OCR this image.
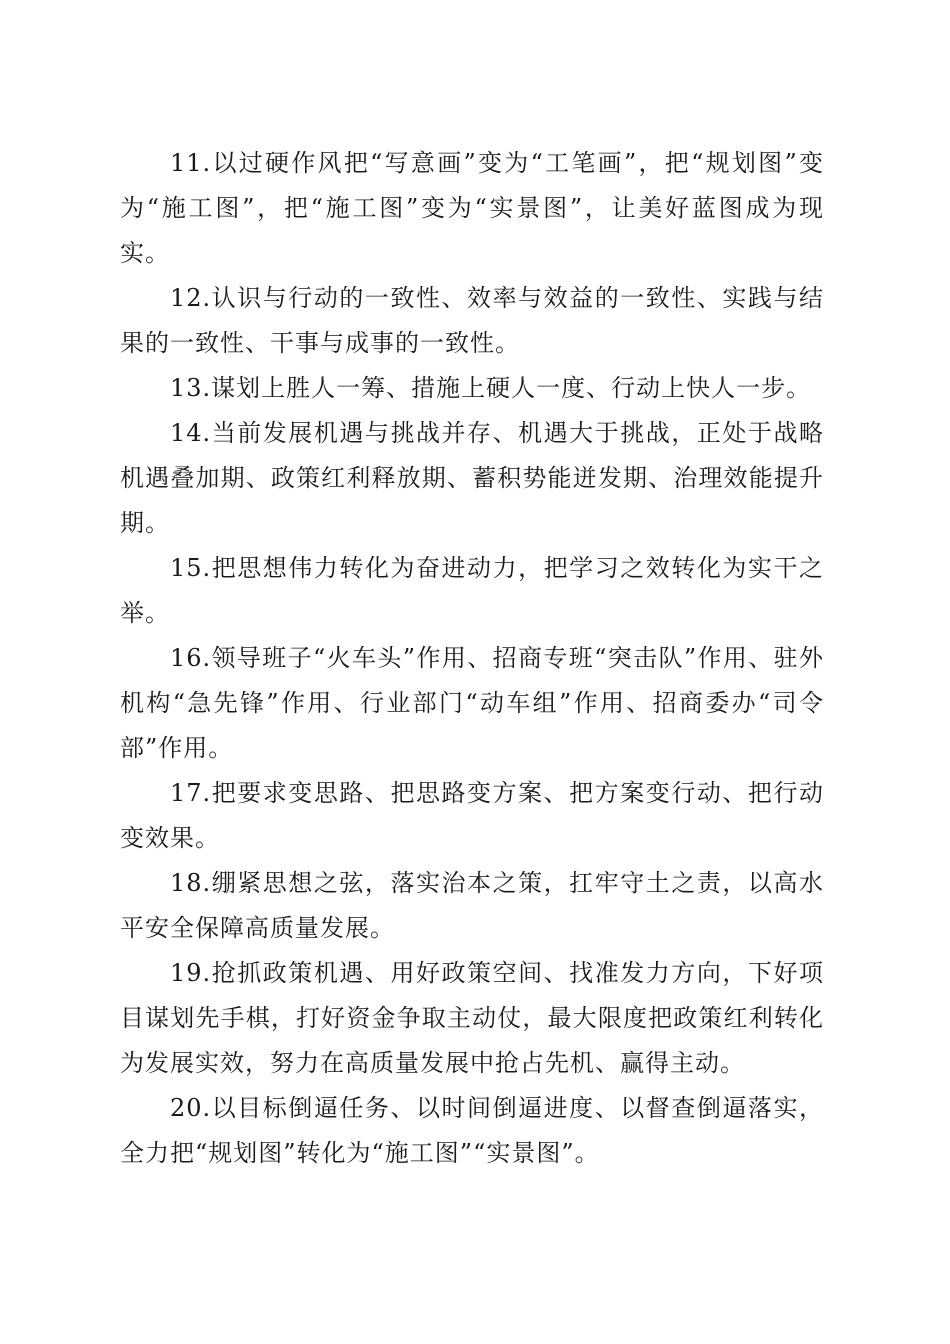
11.以过硬作风把“写意画”变为“工笔画”，把“规划图”变为“施工图”，把“施工图”变为“实景图”，让美好蓝图成为现实。

12.认识与行动的一致性、效率与效益的一致性、实践与结果的一致性、干事与成事的一致性。

13.谋划上胜人一筹、措施上硬人一度、行动上快人一步。

14.当前发展机遇与挑战并存、机遇大于挑战，正处于战略机遇叠加期、政策红利释放期、蓄积势能迸发期、治理效能提升期。

15.把思想伟力转化为奋进动力，把学习之效转化为实干之举。

16.领导班子“火车头”作用、招商专班“突击队”作用、驻外机构“急先锋”作用、行业部门“动车组”作用、招商委办“司令部”作用。

17.把要求变思路、把思路变方案、把方案变行动、把行动变效果。

18.绷紧思想之弦，落实治本之策，扛牢守土之责，以高水平安全保障高质量发展。

19.抢抓政策机遇、用好政策空间、找准发力方向，下好项目谋划先手棋，打好资金争取主动仗，最大限度把政策红利转化为发展实效，努力在高质量发展中抢占先机、赢得主动。

20.以目标倒逼任务、以时间倒逼进度、以督查倒逼落实，全力把“规划图”转化为“施工图”“实景图”。
